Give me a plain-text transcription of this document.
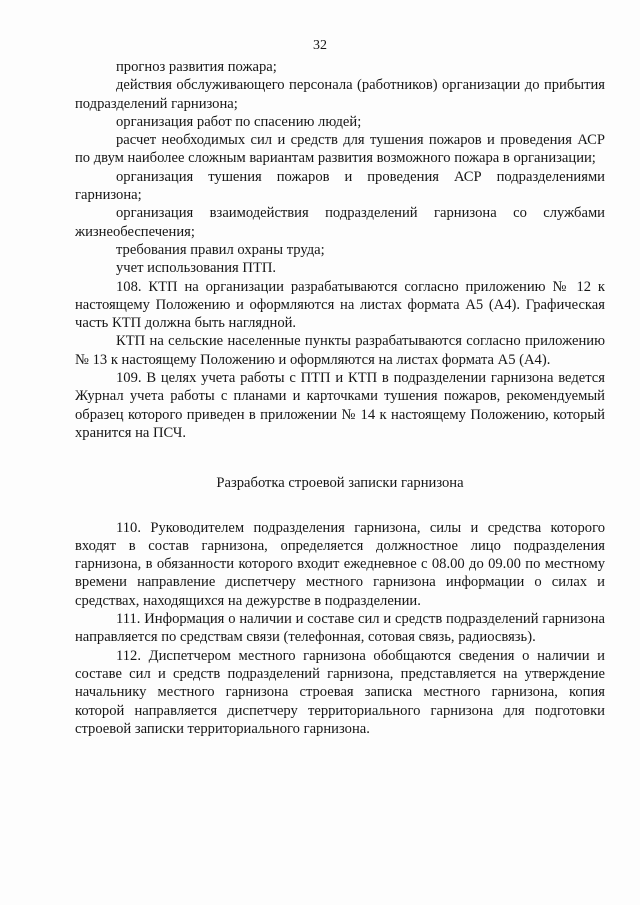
32

прогноз развития пожара;

действия обслуживающего персонала (работников) организации до прибытия подразделений гарнизона;

организация работ по спасению людей;

расчет необходимых сил и средств для тушения пожаров и проведения АСР по двум наиболее сложным вариантам развития возможного пожара в организации;

организация тушения пожаров и проведения АСР подразделениями гарнизона;

организация взаимодействия подразделений гарнизона со службами жизнеобеспечения;

требования правил охраны труда;

учет использования ПТП.

108. КТП на организации разрабатываются согласно приложению № 12 к настоящему Положению и оформляются на листах формата А5 (А4). Графическая часть КТП должна быть наглядной.

КТП на сельские населенные пункты разрабатываются согласно приложению № 13 к настоящему Положению и оформляются на листах формата А5 (А4).

109. В целях учета работы с ПТП и КТП в подразделении гарнизона ведется Журнал учета работы с планами и карточками тушения пожаров, рекомендуемый образец которого приведен в приложении № 14 к настоящему Положению, который хранится на ПСЧ.

Разработка строевой записки гарнизона

110. Руководителем подразделения гарнизона, силы и средства которого входят в состав гарнизона, определяется должностное лицо подразделения гарнизона, в обязанности которого входит ежедневное с 08.00 до 09.00 по местному времени направление диспетчеру местного гарнизона информации о силах и средствах, находящихся на дежурстве в подразделении.

111. Информация о наличии и составе сил и средств подразделений гарнизона направляется по средствам связи (телефонная, сотовая связь, радиосвязь).

112. Диспетчером местного гарнизона обобщаются сведения о наличии и составе сил и средств подразделений гарнизона, представляется на утверждение начальнику местного гарнизона строевая записка местного гарнизона, копия которой направляется диспетчеру территориального гарнизона для подготовки строевой записки территориального гарнизона.
